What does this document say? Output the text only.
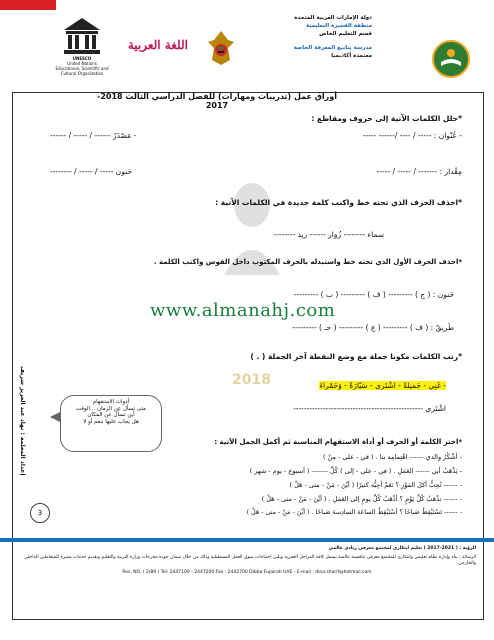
UNESCO
United Nations
Educational, Scientific and
Cultural Organization
اللغة العربية
دولة الإمارات العربية المتحدة
منطقة الفجيرة التعليمية
قسم التعليم الخاص
مدرسة ينابيع المعرفة الخاصة
معتمدة أكاديميا
أوراق عمل (تدريبات ومهارات) للفصل الدراسي الثالث 2018- 2017
إعداد المعلمة : نهاد عبد العزيز شريف	2018
*حلل الكلمات الآتية إلى حروف ومقاطع :
- عُنْوان : ----- / ---- /------ -----
- مَصْدَرٌ ------ / ----- / ------
مِقْدار : ------- / ----- / -----
حَنون ----- / ----- / --------
*احذف الحرف الذي تحته خط واكتب كلمة جديدة في الكلمات الآتية :
سماء -------- زُوار ------ زيد --------
*احذف الحرف الأول الذي تحته خط واستبدله بالحرف المكتوب داخل القوس واكتب الكلمة .
حَنون : ( ج ) --------- ( ف ) --------- ( ب ) ---------
www.almanahj.com
طَريقٌ : ( ف ) --------- ( ع ) --------- ( حـ ) ---------
*رتب الكلمات مكونا جملة مع وضع النقطة آخر الجملة ( . )
- غَنِي - جَميلةً - اشْتَرى - سَيّارَةً - وَحَمْراءَ
اشْتَرى ------------------------------------------------
*اختر الكلمة أو الحرف أو أداة الاستفهام المناسبة ثم أكمل الجمل الآتية :
- أشْكُرُ والدي ------ اهْتِمامِه بنا . ( في - على - مِنْ )
- يَذْهَبُ أبي ------ العَمَلِ . ( في - على - إلى ) كُلَّ ------- ( أسبوع - يوم - شهر )
- ------ تُحِبُّ أكلَ المَوْزِ ؟ نَعَمْ أحِبُّه كثيرًا ( أيْنَ - مَنْ - متى - هَلْ )
- ------ تذْهَبُ كُلَّ يَوْمٍ ؟ أذْهَبُ كُلَّ يومٍ إلى العَمَلِ . ( أيْنَ - مَنْ - متى - هَلْ )
- ------ تَسْتَيْقِظُ صَباحًا ؟ أسْتَيْقِظُ الساعَةَ السادِسةَ صَباحًا . ( أيْنَ - مَنْ - متى - هَلْ )
أدوات الاستفهام
متى تسأل عن الزمان .. الوقت
أين تسأل عن المكان
هل يجاب عليها بنعم أو لا
3
الرؤية : ( 2021-2017 ) تعليم ابتكاري لمجتمع معرفي ريادي عالمي
الرسالة : بناء وإدارة نظام تعليمي وابتكاري للمجتمع معرفي تنافسية عالمية يشمل كافة المراحل العمرية ويلبي احتياجات سوق العمل المستقبلية وذلك من خلال ضمان جودة مخرجات وزارة التربية والتعليم وتقديم خدمات مميزة للمتعاملين الداخلي والخارجي
Res. NO. ( 2/89 ) Tel: 2447100 - 2447200 Fax : 2442700 Dibba Fujairah UAE - E-mail : dina.sharif@hotmail.com
